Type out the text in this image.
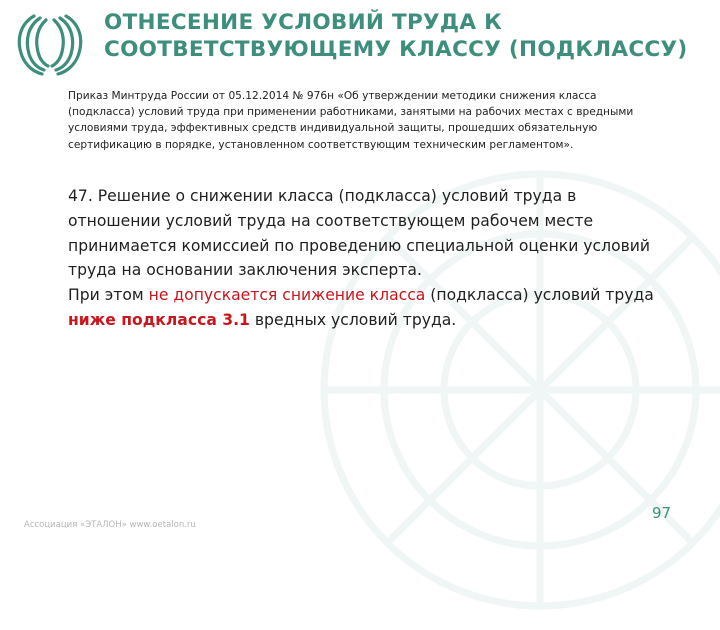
ОТНЕСЕНИЕ УСЛОВИЙ ТРУДА К
СООТВЕТСТВУЮЩЕМУ КЛАССУ (ПОДКЛАССУ)
Приказ Минтруда России от 05.12.2014 № 976н «Об утверждении методики снижения класса
(подкласса) условий труда при применении работниками, занятыми на рабочих местах с вредными
условиями труда, эффективных средств индивидуальной защиты, прошедших обязательную
сертификацию в порядке, установленном соответствующим техническим регламентом».
47. Решение о снижении класса (подкласса) условий труда в
отношении условий труда на соответствующем рабочем месте
принимается комиссией по проведению специальной оценки условий
труда на основании заключения эксперта.
При этом не допускается снижение класса (подкласса) условий труда
ниже подкласса 3.1 вредных условий труда.
Ассоциация «ЭТАЛОН» www.oetalon.ru
97
